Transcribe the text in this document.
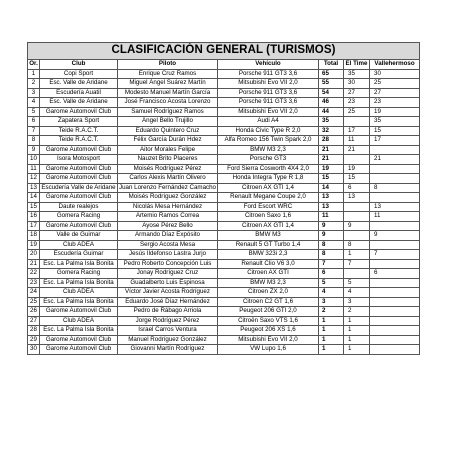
CLASIFICACIÓN GENERAL (TURISMOS)						
Or.	Club	Piloto	Vehículo	Total	El Time	Vallehermoso
1	Copi Sport	Enrique Cruz Ramos	Porsche 911 GT3 3,6	65	35	30
2	Esc. Valle de Aridane	Miguel Ángel Suárez Martín	Mitsubishi Evo VII 2,0	55	30	25
3	Escudería Auatil	Modesto Manuel Martín García	Porsche 911 GT3 3,6	54	27	27
4	Esc. Valle de Aridane	José Francisco Acosta Lorenzo	Porsche 911 GT3 3,6	46	23	23
5	Garome Automovil Club	Samuel Rodríguez Ramos	Mitsubishi Evo VII 2,0	44	25	19
6	Zapatera Sport	Ángel Bello Trujillo	Audi A4	35		35
7	Teide R.A.C.T.	Eduardo Quintero Cruz	Honda Civic Type R 2,0	32	17	15
8	Teide R.A.C.T.	Félix García Durán Hdez	Alfa Romeo 156 Twin Spark 2,0	28	11	17
9	Garome Automovil Club	Aitor Morales Felipe	BMW M3 2,3	21	21	
10	Isora Motosport	Nauzet Brito Placeres	Porsche GT3	21		21
11	Garome Automovil Club	Moisés Rodríguez Pérez	Ford Sierra Cosworth 4X4 2,0	19	19	
12	Garome Automovil Club	Carlos Alexis Martín Olivero	Honda Integra Type R 1,8	15	15	
13	Escudería Valle de Aridane	Juan Lorenzo Fernández Camacho	Citroen AX GTI 1,4	14	6	8
14	Garome Automovil Club	Moisés Rodríguez González	Renault Megane Coupe 2,0	13	13	
15	Daute realejos	Nicolás Mesa Hernández	Ford Escort WRC	13		13
16	Gomera Racing	Artemio Ramos Correa	Citroen Saxo 1,6	11		11
17	Garome Automovil Club	Ayose Pérez Bello	Citroen AX GTI 1,4	9	9	
18	Valle de Guimar	Armando Díaz Expósito	BMW M3	9		9
19	Club ADEA	Sergio Acosta Mesa	Renault 5 GT Turbo 1,4	8	8	
20	Escudería Guimar	Jesús Ildefonso Lastra Jurjo	BMW 323i 2,3	8	1	7
21	Esc. La Palma Isla Bonita	Pedro Roberto Concepción Luis	Renault Clio V6 3,0	7	7	
22	Gomera Racing	Jonay Rodríguez Cruz	Citroen AX GTI	6		6
23	Esc. La Palma Isla Bonita	Guadalberto Luis Espinosa	BMW M3 2,3	5	5	
24	Club ADEA	Víctor Javier Acosta Rodríguez	Citroen ZX 2,0	4	4	
25	Esc. La Palma Isla Bonita	Eduardo José Díaz Hernández	Citroen C2 GT 1,6	3	3	
26	Garome Automovil Club	Pedro de Rábago Arriola	Peugeot 206 GTI 2,0	2	2	
27	Club ADEA	Jorge Rodríguez Pérez	Citroën Saxo VTS 1,6	1	1	
28	Esc. La Palma Isla Bonita	Israel Carros Ventura	Peugeot 206 XS 1,6	1	1	
29	Garome Automovil Club	Manuel Rodríguez González	Mitsubishi Evo VII 2,0	1	1	
30	Garome Automovil Club	Giovanni Martín Rodríguez	VW Lupo 1,6	1	1	
